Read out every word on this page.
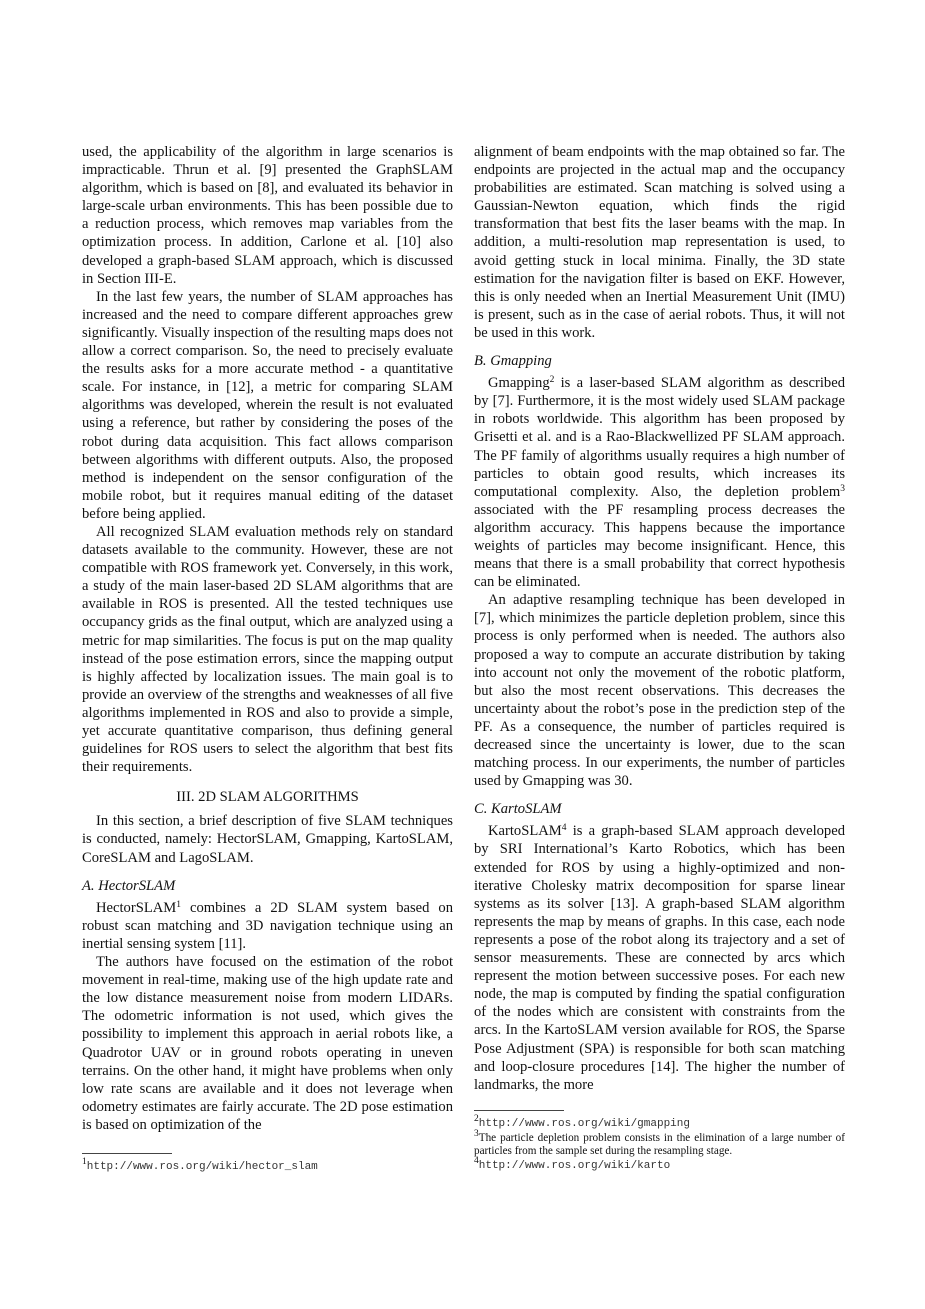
used, the applicability of the algorithm in large scenarios is impracticable. Thrun et al. [9] presented the GraphSLAM algorithm, which is based on [8], and evaluated its behavior in large-scale urban environments. This has been possible due to a reduction process, which removes map variables from the optimization process. In addition, Carlone et al. [10] also developed a graph-based SLAM approach, which is discussed in Section III-E.

In the last few years, the number of SLAM approaches has increased and the need to compare different approaches grew significantly. Visually inspection of the resulting maps does not allow a correct comparison. So, the need to precisely evaluate the results asks for a more accurate method - a quantitative scale. For instance, in [12], a metric for comparing SLAM algorithms was developed, wherein the result is not evaluated using a reference, but rather by considering the poses of the robot during data acquisition. This fact allows comparison between algorithms with different outputs. Also, the proposed method is independent on the sensor configuration of the mobile robot, but it requires manual editing of the dataset before being applied.

All recognized SLAM evaluation methods rely on standard datasets available to the community. However, these are not compatible with ROS framework yet. Conversely, in this work, a study of the main laser-based 2D SLAM algorithms that are available in ROS is presented. All the tested techniques use occupancy grids as the final output, which are analyzed using a metric for map similarities. The focus is put on the map quality instead of the pose estimation errors, since the mapping output is highly affected by localization issues. The main goal is to provide an overview of the strengths and weaknesses of all five algorithms implemented in ROS and also to provide a simple, yet accurate quantitative comparison, thus defining general guidelines for ROS users to select the algorithm that best fits their requirements.

III. 2D SLAM ALGORITHMS

In this section, a brief description of five SLAM techniques is conducted, namely: HectorSLAM, Gmapping, KartoSLAM, CoreSLAM and LagoSLAM.

A. HectorSLAM

HectorSLAM$^1$ combines a 2D SLAM system based on robust scan matching and 3D navigation technique using an inertial sensing system [11].

The authors have focused on the estimation of the robot movement in real-time, making use of the high update rate and the low distance measurement noise from modern LIDARs. The odometric information is not used, which gives the possibility to implement this approach in aerial robots like, a Quadrotor UAV or in ground robots operating in uneven terrains. On the other hand, it might have problems when only low rate scans are available and it does not leverage when odometry estimates are fairly accurate. The 2D pose estimation is based on optimization of the

$^1$http://www.ros.org/wiki/hector_slam

alignment of beam endpoints with the map obtained so far. The endpoints are projected in the actual map and the occupancy probabilities are estimated. Scan matching is solved using a Gaussian-Newton equation, which finds the rigid transformation that best fits the laser beams with the map. In addition, a multi-resolution map representation is used, to avoid getting stuck in local minima. Finally, the 3D state estimation for the navigation filter is based on EKF. However, this is only needed when an Inertial Measurement Unit (IMU) is present, such as in the case of aerial robots. Thus, it will not be used in this work.

B. Gmapping

Gmapping$^2$ is a laser-based SLAM algorithm as described by [7]. Furthermore, it is the most widely used SLAM package in robots worldwide. This algorithm has been proposed by Grisetti et al. and is a Rao-Blackwellized PF SLAM approach. The PF family of algorithms usually requires a high number of particles to obtain good results, which increases its computational complexity. Also, the depletion problem$^3$ associated with the PF resampling process decreases the algorithm accuracy. This happens because the importance weights of particles may become insignificant. Hence, this means that there is a small probability that correct hypothesis can be eliminated.

An adaptive resampling technique has been developed in [7], which minimizes the particle depletion problem, since this process is only performed when is needed. The authors also proposed a way to compute an accurate distribution by taking into account not only the movement of the robotic platform, but also the most recent observations. This decreases the uncertainty about the robot’s pose in the prediction step of the PF. As a consequence, the number of particles required is decreased since the uncertainty is lower, due to the scan matching process. In our experiments, the number of particles used by Gmapping was 30.

C. KartoSLAM

KartoSLAM$^4$ is a graph-based SLAM approach developed by SRI International’s Karto Robotics, which has been extended for ROS by using a highly-optimized and non-iterative Cholesky matrix decomposition for sparse linear systems as its solver [13]. A graph-based SLAM algorithm represents the map by means of graphs. In this case, each node represents a pose of the robot along its trajectory and a set of sensor measurements. These are connected by arcs which represent the motion between successive poses. For each new node, the map is computed by finding the spatial configuration of the nodes which are consistent with constraints from the arcs. In the KartoSLAM version available for ROS, the Sparse Pose Adjustment (SPA) is responsible for both scan matching and loop-closure procedures [14]. The higher the number of landmarks, the more

$^2$http://www.ros.org/wiki/gmapping
$^3$The particle depletion problem consists in the elimination of a large number of particles from the sample set during the resampling stage.
$^4$http://www.ros.org/wiki/karto
